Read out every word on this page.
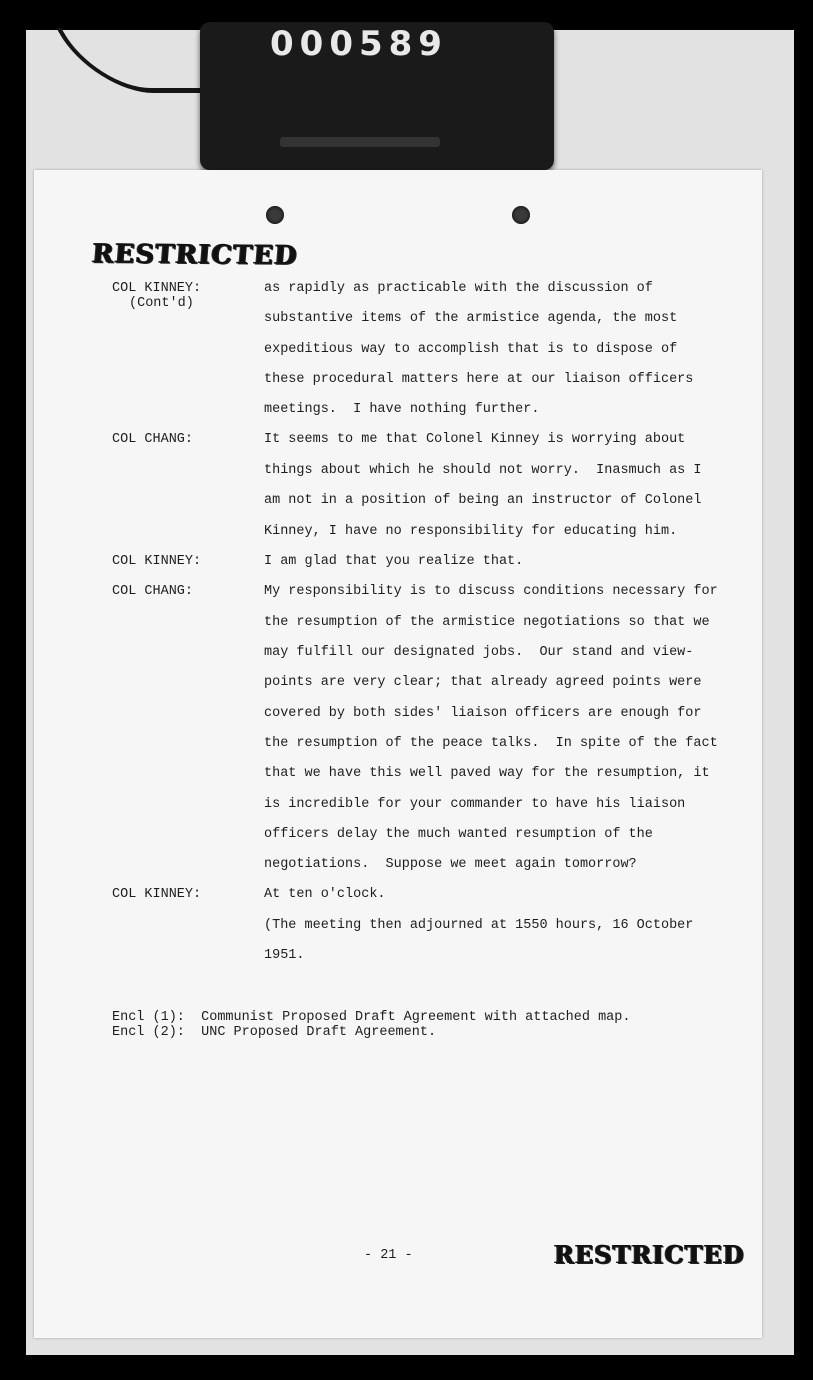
000589
RESTRICTED
COL KINNEY:
(Cont'd)
COL CHANG:
COL KINNEY:
COL CHANG:
COL KINNEY:
as rapidly as practicable with the discussion of
substantive items of the armistice agenda, the most
expeditious way to accomplish that is to dispose of
these procedural matters here at our liaison officers
meetings.  I have nothing further.
It seems to me that Colonel Kinney is worrying about
things about which he should not worry.  Inasmuch as I
am not in a position of being an instructor of Colonel
Kinney, I have no responsibility for educating him.
I am glad that you realize that.
My responsibility is to discuss conditions necessary for
the resumption of the armistice negotiations so that we
may fulfill our designated jobs.  Our stand and view-
points are very clear; that already agreed points were
covered by both sides' liaison officers are enough for
the resumption of the peace talks.  In spite of the fact
that we have this well paved way for the resumption, it
is incredible for your commander to have his liaison
officers delay the much wanted resumption of the
negotiations.  Suppose we meet again tomorrow?
At ten o'clock.
(The meeting then adjourned at 1550 hours, 16 October
1951.
Encl (1):  Communist Proposed Draft Agreement with attached map.
Encl (2):  UNC Proposed Draft Agreement.
- 21 -	RESTRICTED
